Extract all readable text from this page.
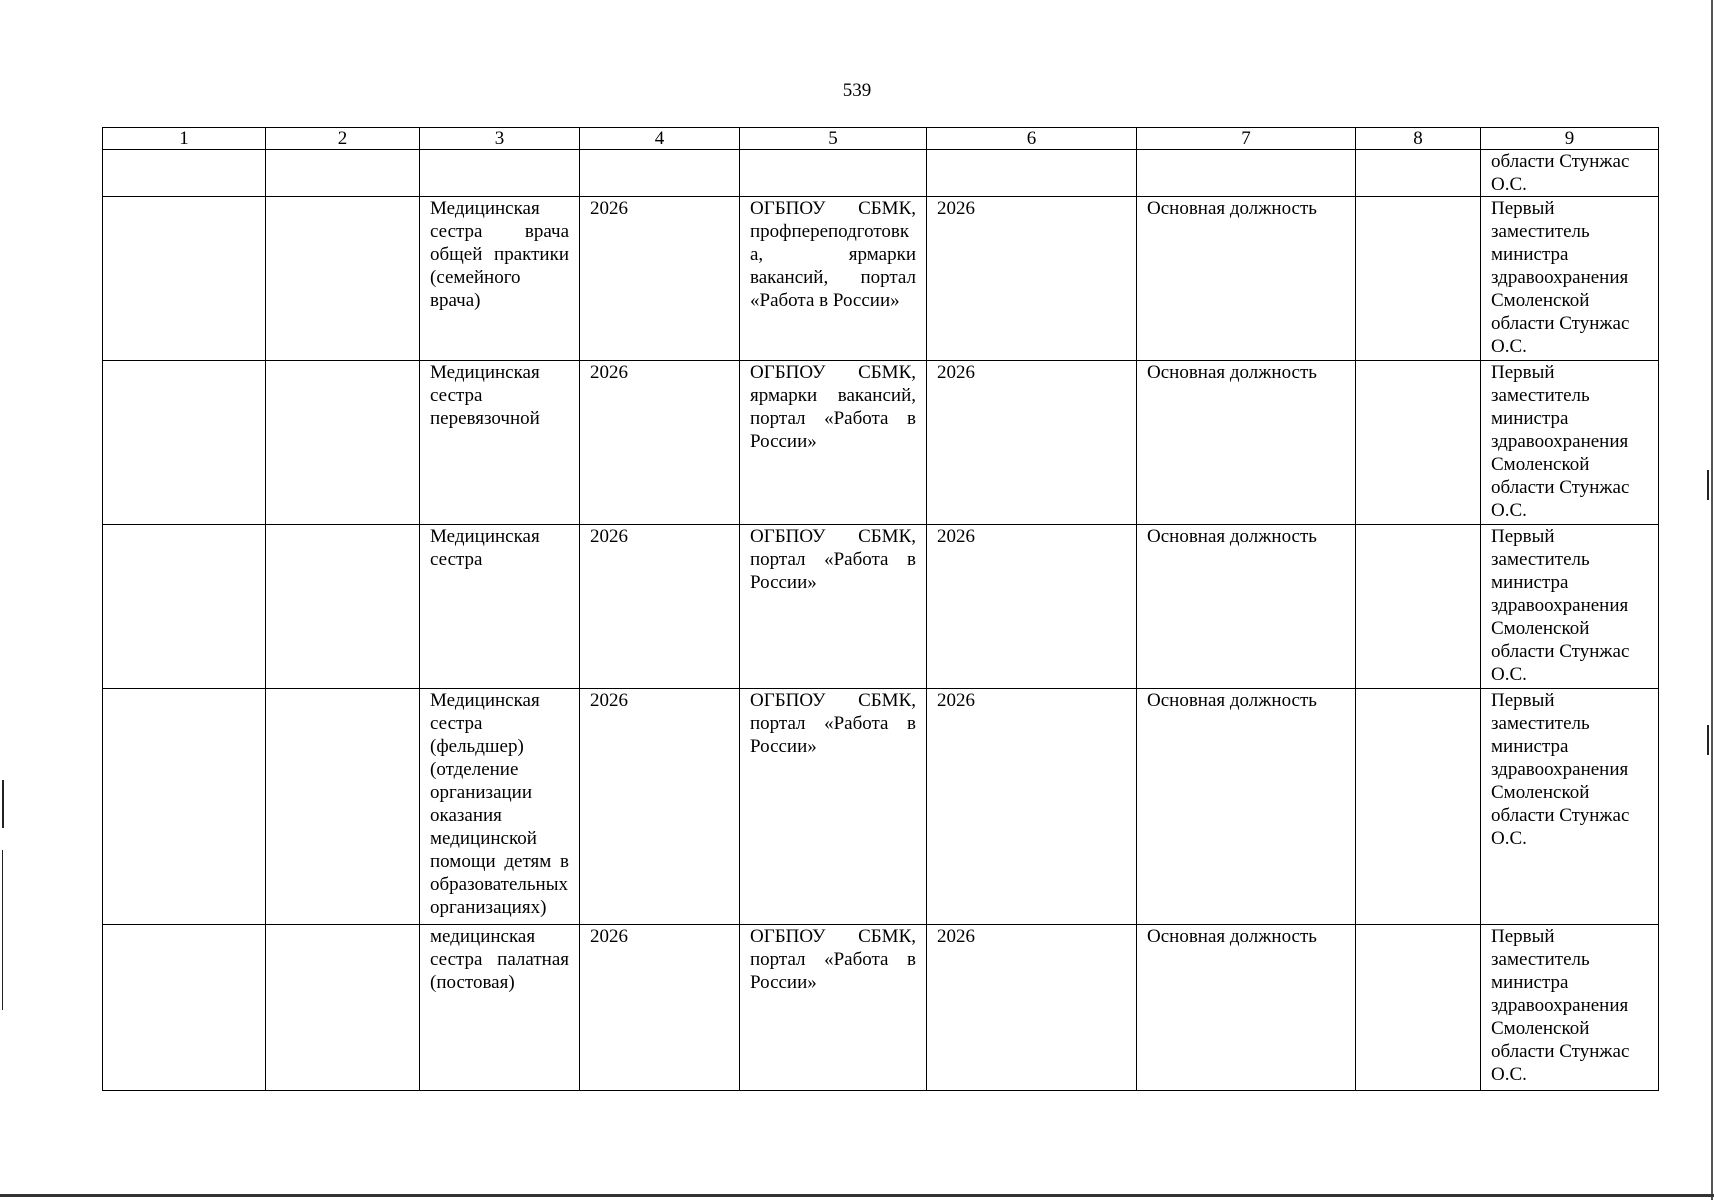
539
1	2	3	4	5	6	7	8	9
								области Стунжас О.С.
		Медицинская сестра врача общей практики (семейного врача)	2026	ОГБПОУ СБМК, профпереподготовка, ярмарки вакансий, портал «Работа в России»	2026	Основная должность		Первый заместитель министра здравоохранения Смоленской области Стунжас О.С.
		Медицинская сестра перевязочной	2026	ОГБПОУ СБМК, ярмарки вакансий, портал «Работа в России»	2026	Основная должность		Первый заместитель министра здравоохранения Смоленской области Стунжас О.С.
		Медицинская сестра	2026	ОГБПОУ СБМК, портал «Работа в России»	2026	Основная должность		Первый заместитель министра здравоохранения Смоленской области Стунжас О.С.
		Медицинская сестра (фельдшер) (отделение организации оказания медицинской помощи детям в образовательных организациях)	2026	ОГБПОУ СБМК, портал «Работа в России»	2026	Основная должность		Первый заместитель министра здравоохранения Смоленской области Стунжас О.С.
		медицинская сестра палатная (постовая)	2026	ОГБПОУ СБМК, портал «Работа в России»	2026	Основная должность		Первый заместитель министра здравоохранения Смоленской области Стунжас О.С.
